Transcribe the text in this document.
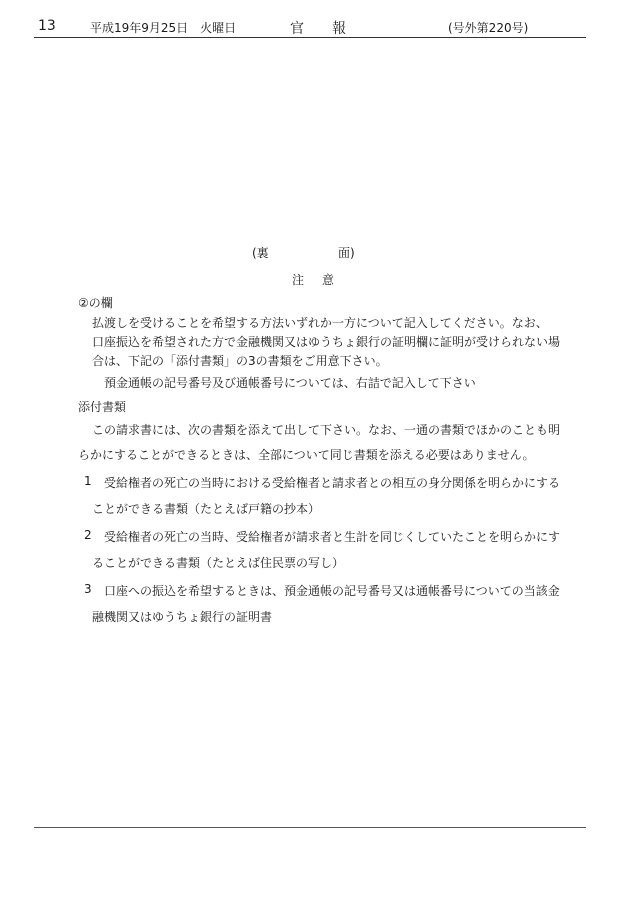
13	平成19年9月25日　火曜日	官報	(号外第220号)
(裏	面)
注意
②の欄
払渡しを受けることを希望する方法いずれか一方について記入してください。なお、
口座振込を希望された方で金融機関又はゆうちょ銀行の証明欄に証明が受けられない場
合は、下記の「添付書類」の3の書類をご用意下さい。
預金通帳の記号番号及び通帳番号については、右詰で記入して下さい
添付書類
この請求書には、次の書類を添えて出して下さい。なお、一通の書類でほかのことも明
らかにすることができるときは、全部について同じ書類を添える必要はありません。
1 受給権者の死亡の当時における受給権者と請求者との相互の身分関係を明らかにする
ことができる書類（たとえば戸籍の抄本）
2 受給権者の死亡の当時、受給権者が請求者と生計を同じくしていたことを明らかにす
ることができる書類（たとえば住民票の写し）
3 口座への振込を希望するときは、預金通帳の記号番号又は通帳番号についての当該金
融機関又はゆうちょ銀行の証明書
